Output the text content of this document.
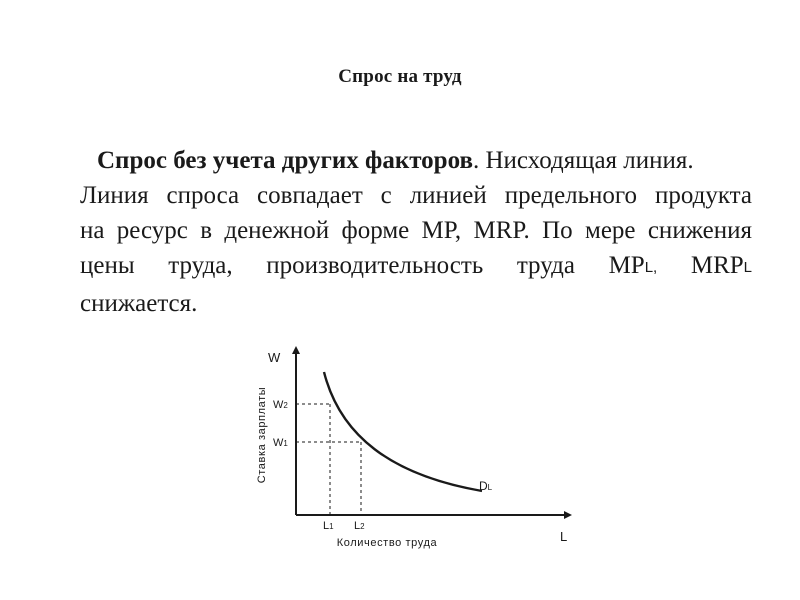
Спрос на труд
Спрос без учета других факторов. Нисходящая линия.
Линия спроса совпадает с линией предельного продукта
на ресурс в денежной форме MP, MRP. По мере снижения
цены труда, производительность труда $MP_{L,}$ $MRP_L$
снижается.
W
L
Ставка зарплаты
Количество труда
W2
W1
L1 L2
DL
